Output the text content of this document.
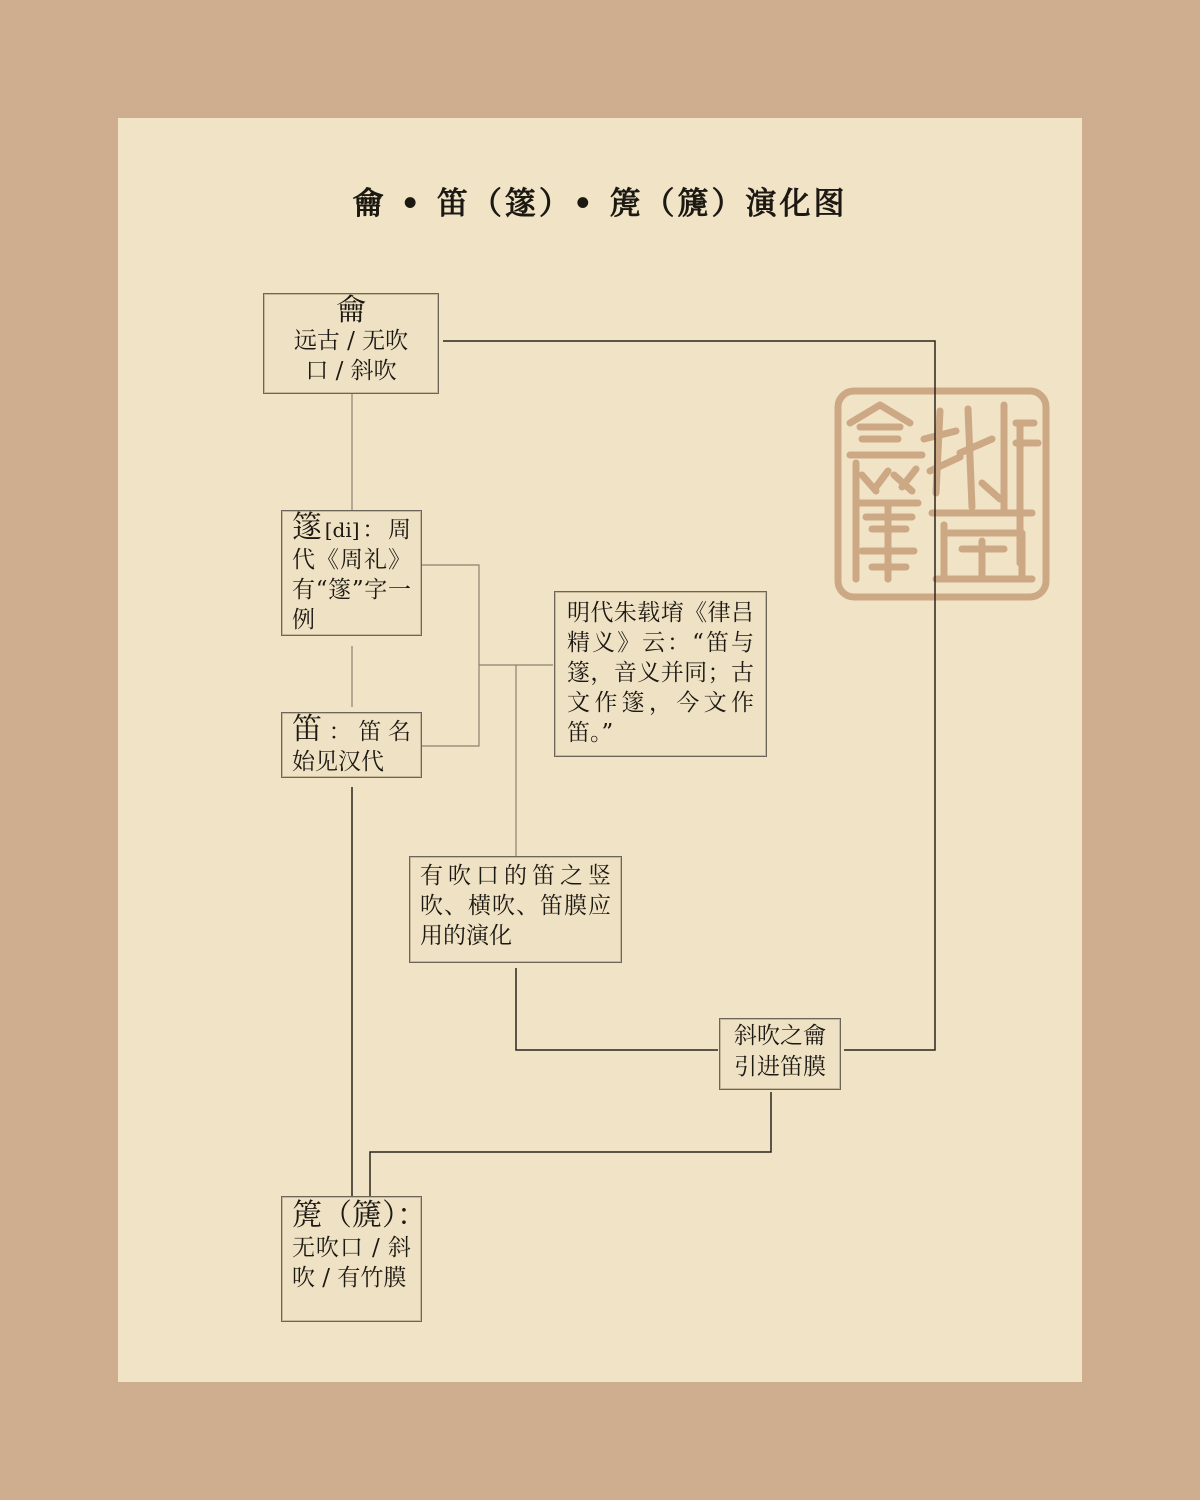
龠 • 笛（篴）• 箎（篪）演化图
龠
远古 / 无吹
口 / 斜吹
篴[di]：周代《周礼》有“篴”字一例
笛：笛名始见汉代
明代朱载堉《律吕精义》云：“笛与篴，音义并同；古文作篴，今文作笛。”
有吹口的笛之竖吹、横吹、笛膜应用的演化
斜吹之龠
引进笛膜
箎（篪）：
无吹口 / 斜吹 / 有竹膜
